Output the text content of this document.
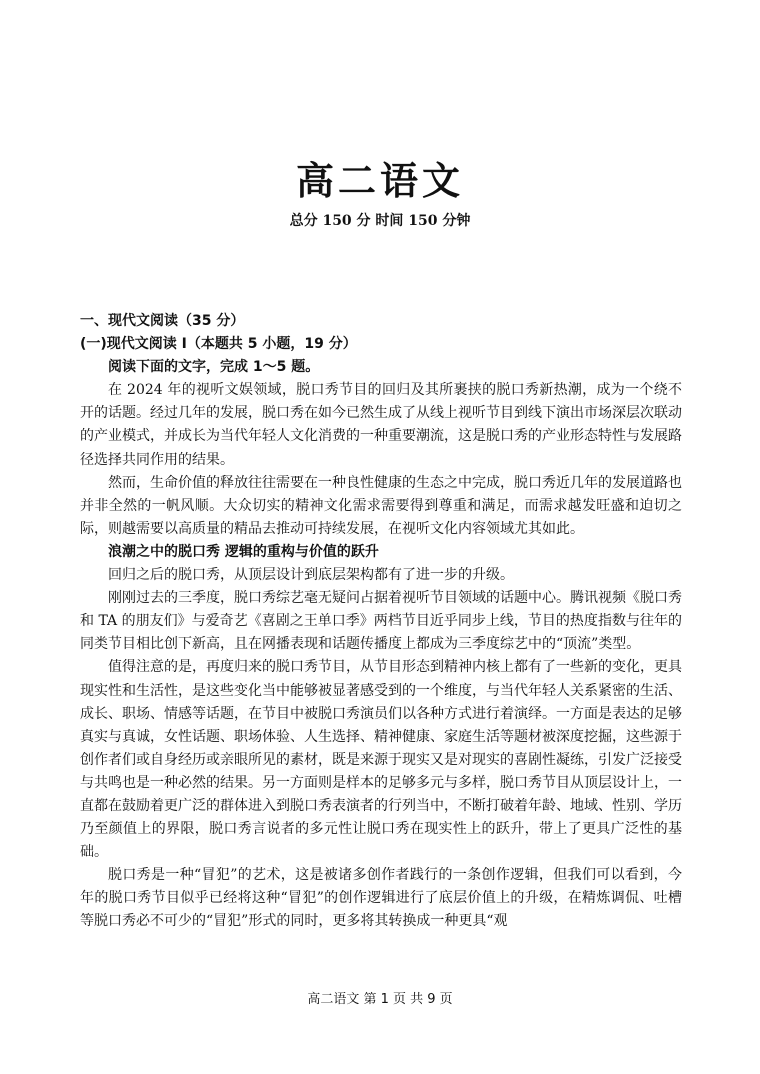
高二语文
总分 150 分 时间 150 分钟

一、现代文阅读（35 分）

(一)现代文阅读 I（本题共 5 小题，19 分）

阅读下面的文字，完成 1～5 题。

在 2024 年的视听文娱领域，脱口秀节目的回归及其所裹挟的脱口秀新热潮，成为一个绕不开的话题。经过几年的发展，脱口秀在如今已然生成了从线上视听节目到线下演出市场深层次联动的产业模式，并成长为当代年轻人文化消费的一种重要潮流，这是脱口秀的产业形态特性与发展路径选择共同作用的结果。

然而，生命价值的释放往往需要在一种良性健康的生态之中完成，脱口秀近几年的发展道路也并非全然的一帆风顺。大众切实的精神文化需求需要得到尊重和满足，而需求越发旺盛和迫切之际，则越需要以高质量的精品去推动可持续发展，在视听文化内容领域尤其如此。

浪潮之中的脱口秀 逻辑的重构与价值的跃升

回归之后的脱口秀，从顶层设计到底层架构都有了进一步的升级。

刚刚过去的三季度，脱口秀综艺毫无疑问占据着视听节目领域的话题中心。腾讯视频《脱口秀和 TA 的朋友们》与爱奇艺《喜剧之王单口季》两档节目近乎同步上线，节目的热度指数与往年的同类节目相比创下新高，且在网播表现和话题传播度上都成为三季度综艺中的“顶流”类型。

值得注意的是，再度归来的脱口秀节目，从节目形态到精神内核上都有了一些新的变化，更具现实性和生活性，是这些变化当中能够被显著感受到的一个维度，与当代年轻人关系紧密的生活、成长、职场、情感等话题，在节目中被脱口秀演员们以各种方式进行着演绎。一方面是表达的足够真实与真诚，女性话题、职场体验、人生选择、精神健康、家庭生活等题材被深度挖掘，这些源于创作者们或自身经历或亲眼所见的素材，既是来源于现实又是对现实的喜剧性凝练，引发广泛接受与共鸣也是一种必然的结果。另一方面则是样本的足够多元与多样，脱口秀节目从顶层设计上，一直都在鼓励着更广泛的群体进入到脱口秀表演者的行列当中，不断打破着年龄、地域、性别、学历乃至颜值上的界限，脱口秀言说者的多元性让脱口秀在现实性上的跃升，带上了更具广泛性的基础。

脱口秀是一种“冒犯”的艺术，这是被诸多创作者践行的一条创作逻辑，但我们可以看到，今年的脱口秀节目似乎已经将这种“冒犯”的创作逻辑进行了底层价值上的升级，在精炼调侃、吐槽等脱口秀必不可少的“冒犯”形式的同时，更多将其转换成一种更具“观

高二语文 第 1 页 共 9 页
